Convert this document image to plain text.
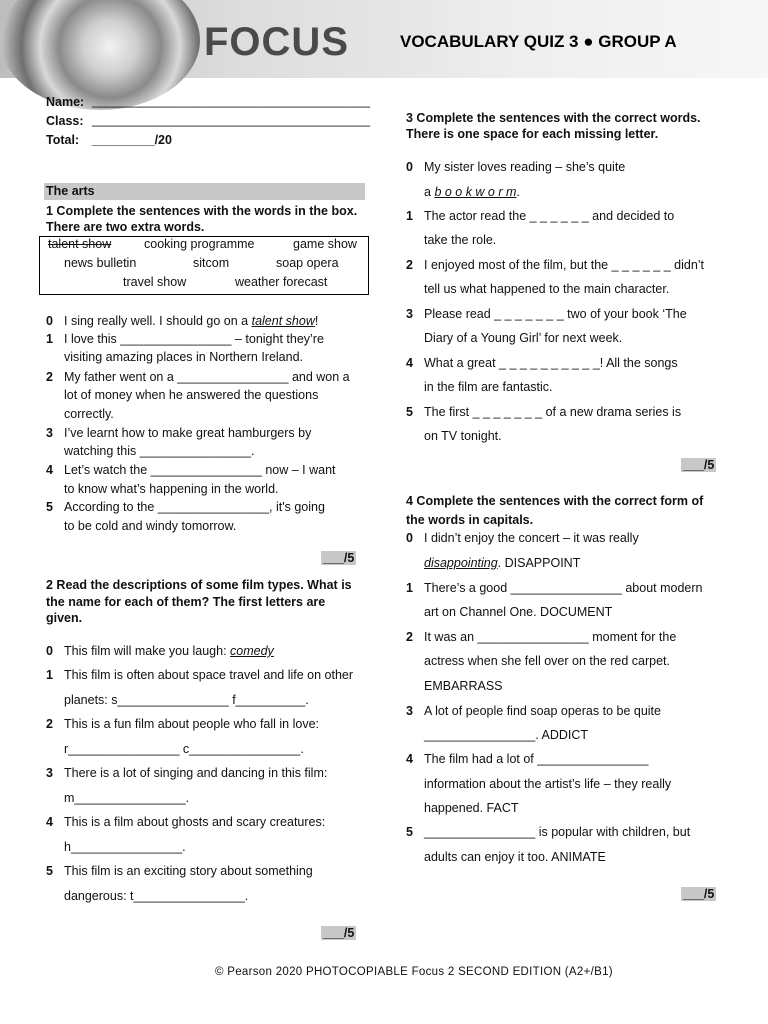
FOCUS	VOCABULARY QUIZ 3 ● GROUP A
Name: ________________________________________
Class: ________________________________________
Total: _________/20
The arts
1 Complete the sentences with the words in the box.
There are two extra words.
talent show	cooking programme	game show
news bulletin	sitcom	soap opera
travel show	weather forecast
0 I sing really well. I should go on a talent show!
1 I love this ________________ – tonight they’re
visiting amazing places in Northern Ireland.
2 My father went on a ________________ and won a
lot of money when he answered the questions
correctly.
3 I’ve learnt how to make great hamburgers by
watching this ________________.
4 Let’s watch the ________________ now – I want
to know what’s happening in the world.
5 According to the ________________, it's going
to be cold and windy tomorrow.
___/5
2 Read the descriptions of some film types. What is
the name for each of them? The first letters are
given.
0 This film will make you laugh: comedy
1 This film is often about space travel and life on other
planets: s________________ f__________.
2 This is a fun film about people who fall in love:
r________________ c________________.
3 There is a lot of singing and dancing in this film:
m________________.
4 This is a film about ghosts and scary creatures:
h________________.
5 This film is an exciting story about something
dangerous: t________________.
___/5
3 Complete the sentences with the correct words.
There is one space for each missing letter.
0 My sister loves reading – she’s quite
a b o o k w o r m.
1 The actor read the _ _ _ _ _ _ and decided to
take the role.
2 I enjoyed most of the film, but the _ _ _ _ _ _ didn’t
tell us what happened to the main character.
3 Please read _ _ _ _ _ _ _ two of your book ‘The
Diary of a Young Girl’ for next week.
4 What a great _ _ _ _ _ _ _ _ _ _! All the songs
in the film are fantastic.
5 The first _ _ _ _ _ _ _ of a new drama series is
on TV tonight.
___/5
4 Complete the sentences with the correct form of
the words in capitals.
0 I didn’t enjoy the concert – it was really
disappointing. DISAPPOINT
1 There’s a good ________________ about modern
art on Channel One. DOCUMENT
2 It was an ________________ moment for the
actress when she fell over on the red carpet.
EMBARRASS
3 A lot of people find soap operas to be quite
________________. ADDICT
4 The film had a lot of ________________
information about the artist’s life – they really
happened. FACT
5 ________________ is popular with children, but
adults can enjoy it too. ANIMATE
___/5
© Pearson 2020 PHOTOCOPIABLE Focus 2 SECOND EDITION (A2+/B1)
